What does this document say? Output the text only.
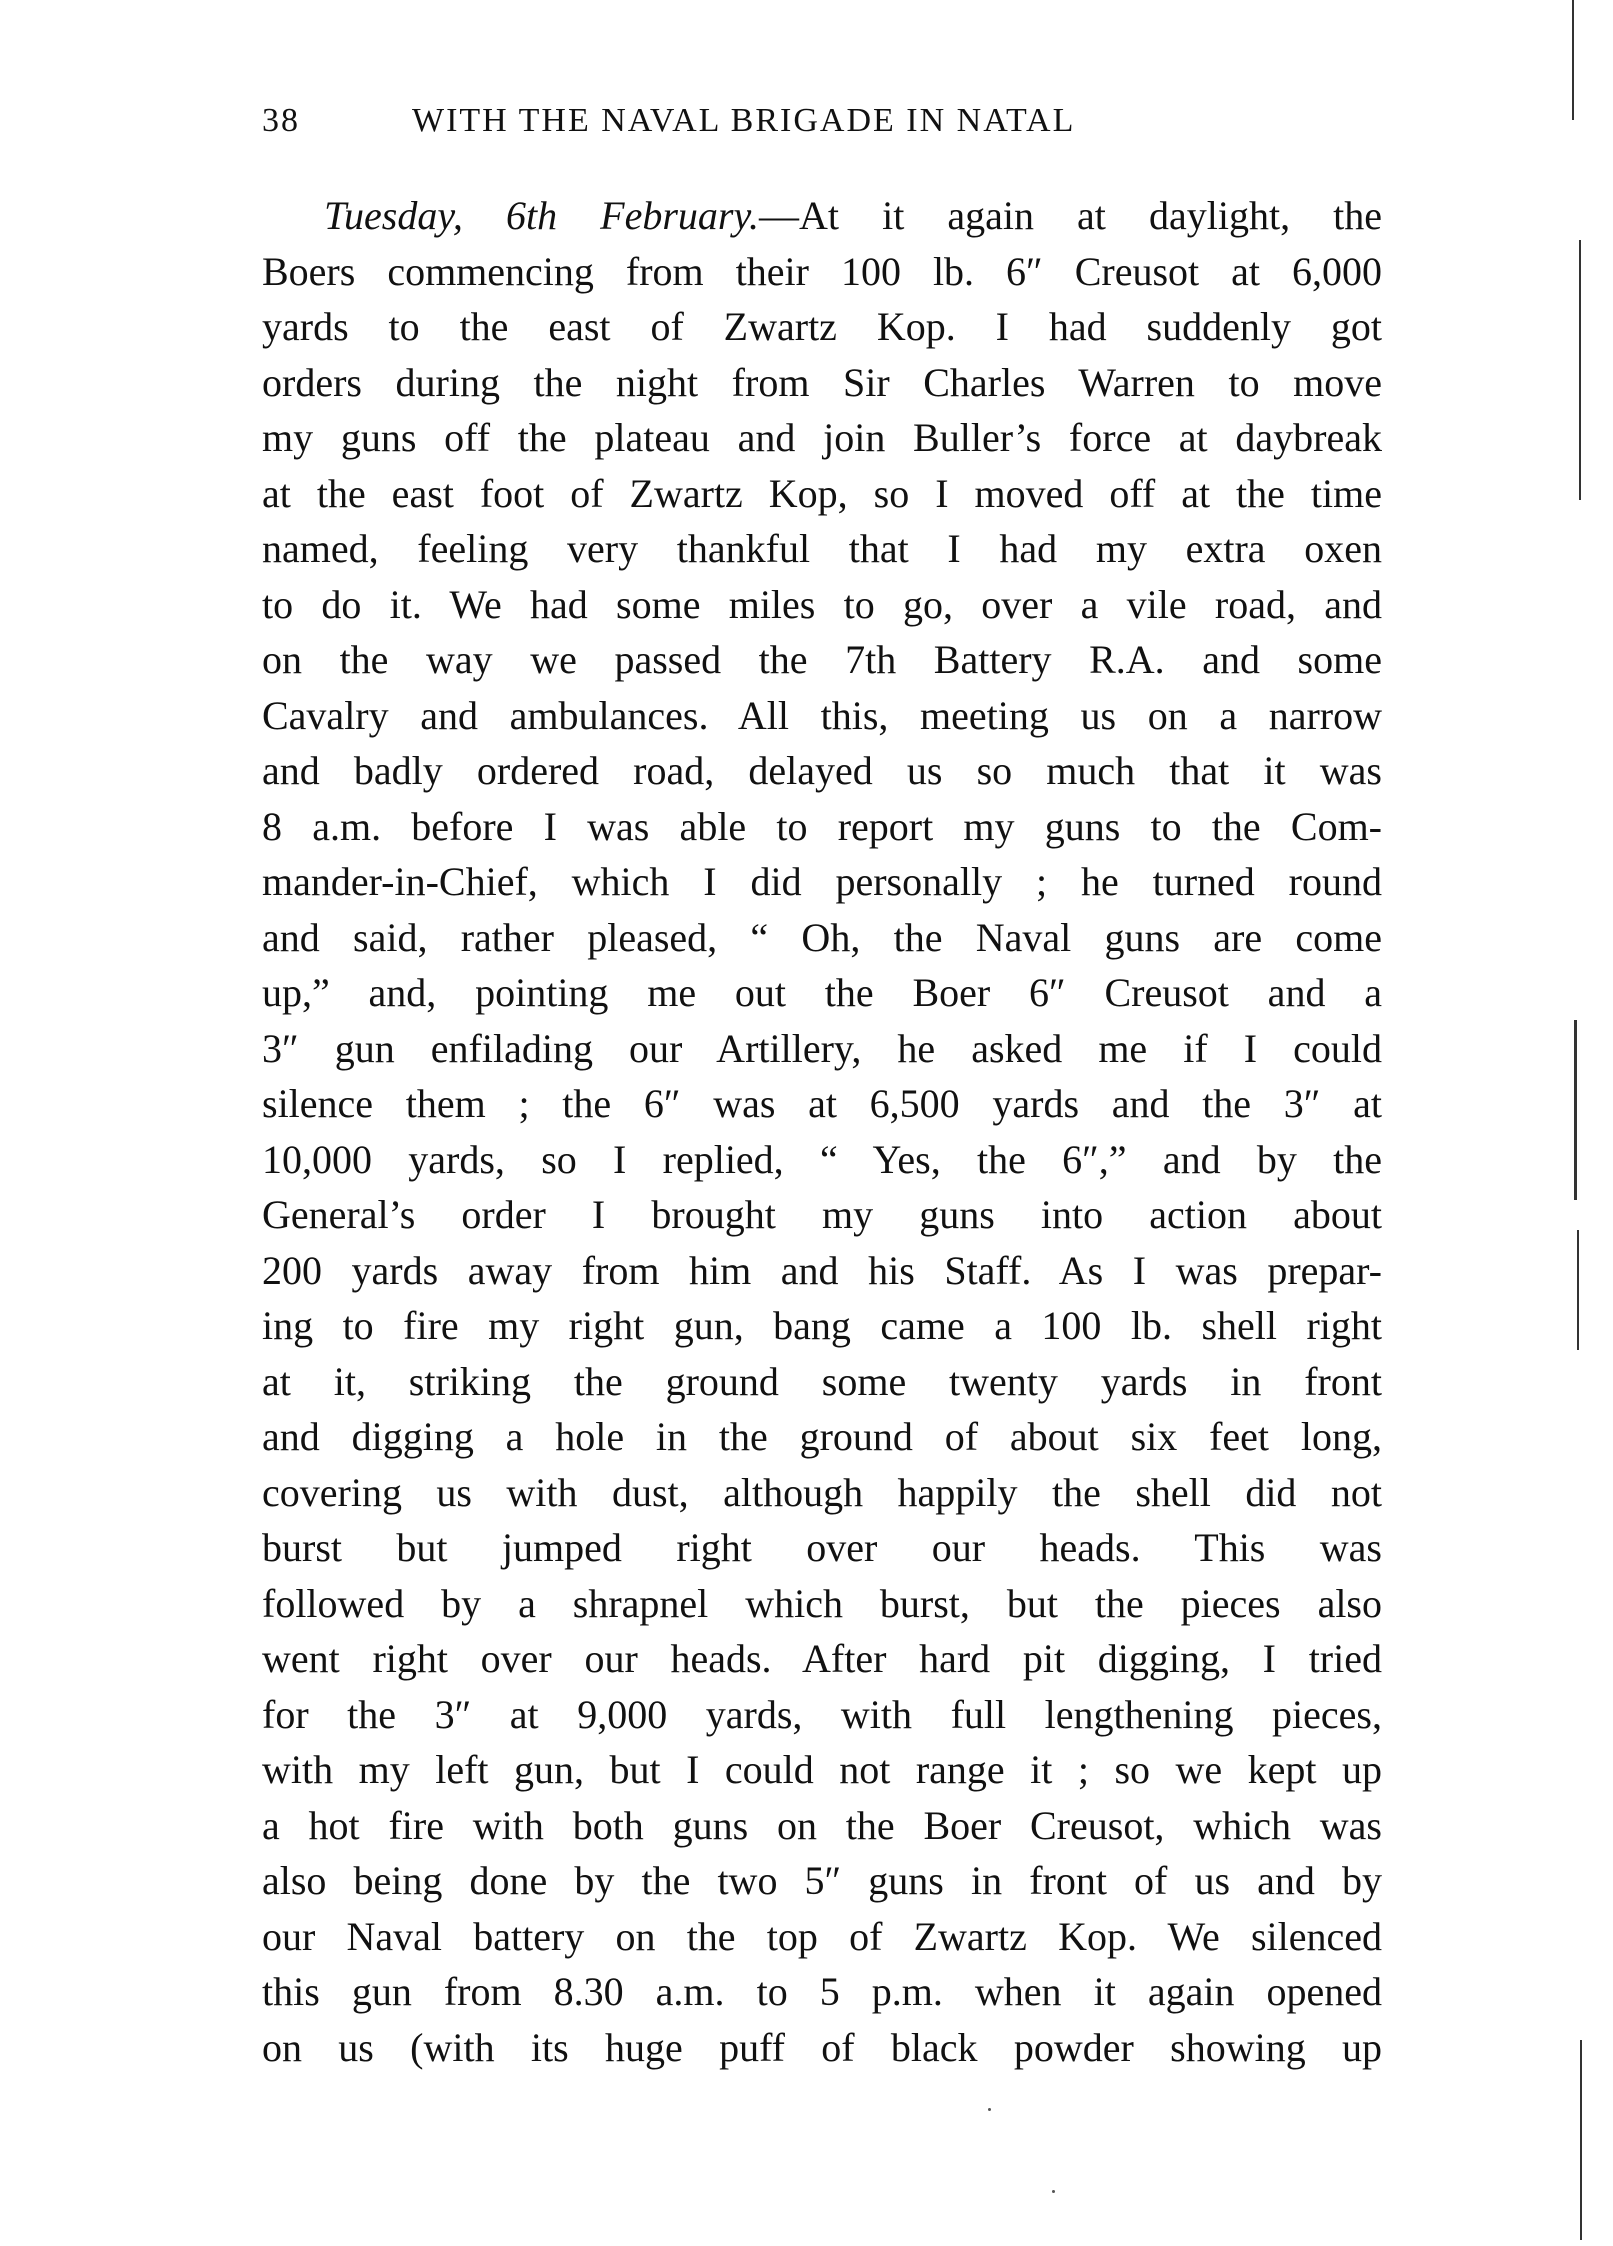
38	WITH THE NAVAL BRIGADE IN NATAL
Tuesday, 6th February.—At it again at daylight, the
Boers commencing from their 100 lb. 6″ Creusot at 6,000
yards to the east of Zwartz Kop. I had suddenly got
orders during the night from Sir Charles Warren to move
my guns off the plateau and join Buller’s force at daybreak
at the east foot of Zwartz Kop, so I moved off at the time
named, feeling very thankful that I had my extra oxen
to do it. We had some miles to go, over a vile road, and
on the way we passed the 7th Battery R.A. and some
Cavalry and ambulances. All this, meeting us on a narrow
and badly ordered road, delayed us so much that it was
8 a.m. before I was able to report my guns to the Com-
mander-in-Chief, which I did personally ; he turned round
and said, rather pleased, “ Oh, the Naval guns are come
up,” and, pointing me out the Boer 6″ Creusot and a
3″ gun enfilading our Artillery, he asked me if I could
silence them ; the 6″ was at 6,500 yards and the 3″ at
10,000 yards, so I replied, “ Yes, the 6″,” and by the
General’s order I brought my guns into action about
200 yards away from him and his Staff. As I was prepar-
ing to fire my right gun, bang came a 100 lb. shell right
at it, striking the ground some twenty yards in front
and digging a hole in the ground of about six feet long,
covering us with dust, although happily the shell did not
burst but jumped right over our heads. This was
followed by a shrapnel which burst, but the pieces also
went right over our heads. After hard pit digging, I tried
for the 3″ at 9,000 yards, with full lengthening pieces,
with my left gun, but I could not range it ; so we kept up
a hot fire with both guns on the Boer Creusot, which was
also being done by the two 5″ guns in front of us and by
our Naval battery on the top of Zwartz Kop. We silenced
this gun from 8.30 a.m. to 5 p.m. when it again opened
on us (with its huge puff of black powder showing up
